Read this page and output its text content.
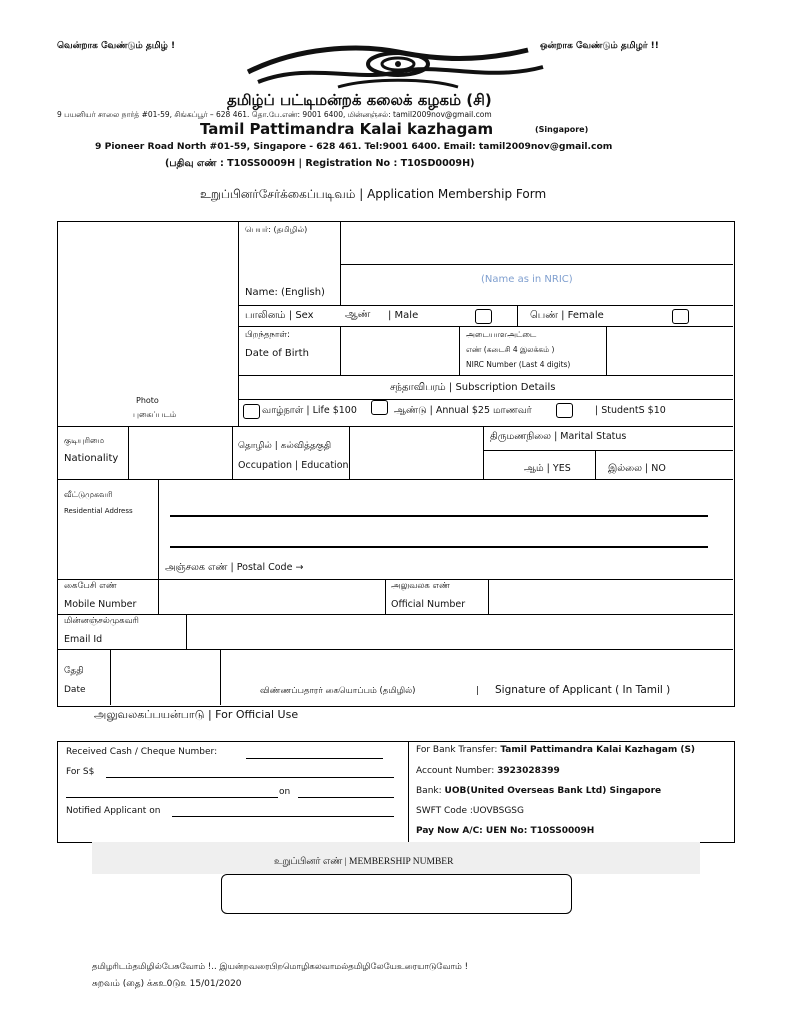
வென்றாக வேண்டும் தமிழ் !	ஒன்றாக வேண்டும் தமிழர் !!
தமிழ்ப் பட்டிமன்றக் கலைக் கழகம் (சி)
9 பயனியர் சாலை நார்த் #01-59, சிங்கப்பூர் – 628 461. தொ.பே.எண்: 9001 6400, மின்னஞ்சல்: tamil2009nov@gmail.com
Tamil Pattimandra Kalai kazhagam	(Singapore)
9 Pioneer Road North #01-59, Singapore - 628 461. Tel:9001 6400. Email: tamil2009nov@gmail.com
(பதிவு எண் : T10SS0009H | Registration No : T10SD0009H)
உறுப்பினர்சேர்க்கைப்படிவம் | Application Membership Form
Photo
புகைப்படம்
பெயர்: (தமிழில்)
Name: (English)
(Name as in NRIC)
பாலினம் | Sex	ஆண் | Male	பெண் | Female
பிறந்தநாள்:
Date of Birth
அடையாளஅட்டை
எண் (கடைசி 4 இலக்கம் )
NIRC Number (Last 4 digits)
சந்தாவிபரம் | Subscription Details
வாழ்நாள் | Life $100	ஆண்டு | Annual $25 மாணவர்	| StudentS $10
குடியுரிமை
Nationality
தொழில் | கல்வித்தகுதி
Occupation | Education
திருமணநிலை | Marital Status
ஆம் | YES	இல்லை | NO
வீட்டுமுகவரி
Residential Address
அஞ்சலக எண் | Postal Code →
கைபேசி எண்
Mobile Number
அலுவலக எண்
Official Number
மின்னஞ்சல்முகவரி
Email Id
தேதி
Date	விண்ணப்பதாரர் கையொப்பம் (தமிழில்)	| Signature of Applicant ( In Tamil )
அலுவலகப்பயன்பாடு | For Official Use
Received Cash / Cheque Number:
For S$
on
Notified Applicant on
For Bank Transfer: Tamil Pattimandra Kalai Kazhagam (S)
Account Number: 3923028399
Bank: UOB(United Overseas Bank Ltd) Singapore
SWFT Code :UOVBSGSG
Pay Now A/C: UEN No: T10SS0009H
உறுப்பினர் எண் | MEMBERSHIP NUMBER
தமிழரிடம்தமிழில்பேசுவோம் !.. இயன்றவரைபிறமொழிகலவாமல்தமிழிலேயேஉரையாடுவோம் !
சுறவம் (தை) க்கஉ0டு௨ 15/01/2020
